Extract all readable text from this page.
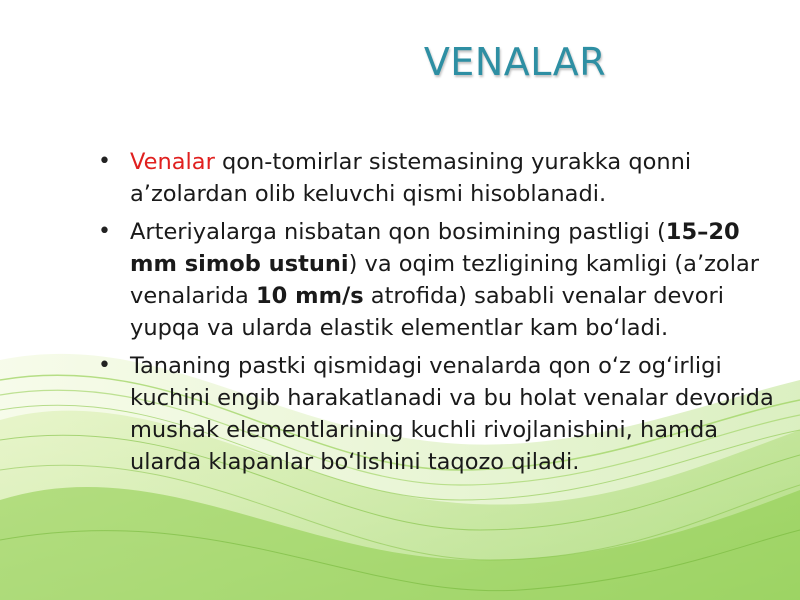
VENALAR
• Venalar qon-tomirlar sistemasining yurakka qonni a’zolardan olib keluvchi qismi hisoblanadi.
• Arteriyalarga nisbatan qon bosimining pastligi (15–20 mm simob ustuni) va oqim tezligining kamligi (a’zolar venalarida 10 mm/s atrofida) sababli venalar devori yupqa va ularda elastik elementlar kam bo‘ladi.
• Tananing pastki qismidagi venalarda qon o‘z og‘irligi kuchini engib harakatlanadi va bu holat venalar devorida mushak elementlarining kuchli rivojlanishini, hamda ularda klapanlar bo‘lishini taqozo qiladi.
